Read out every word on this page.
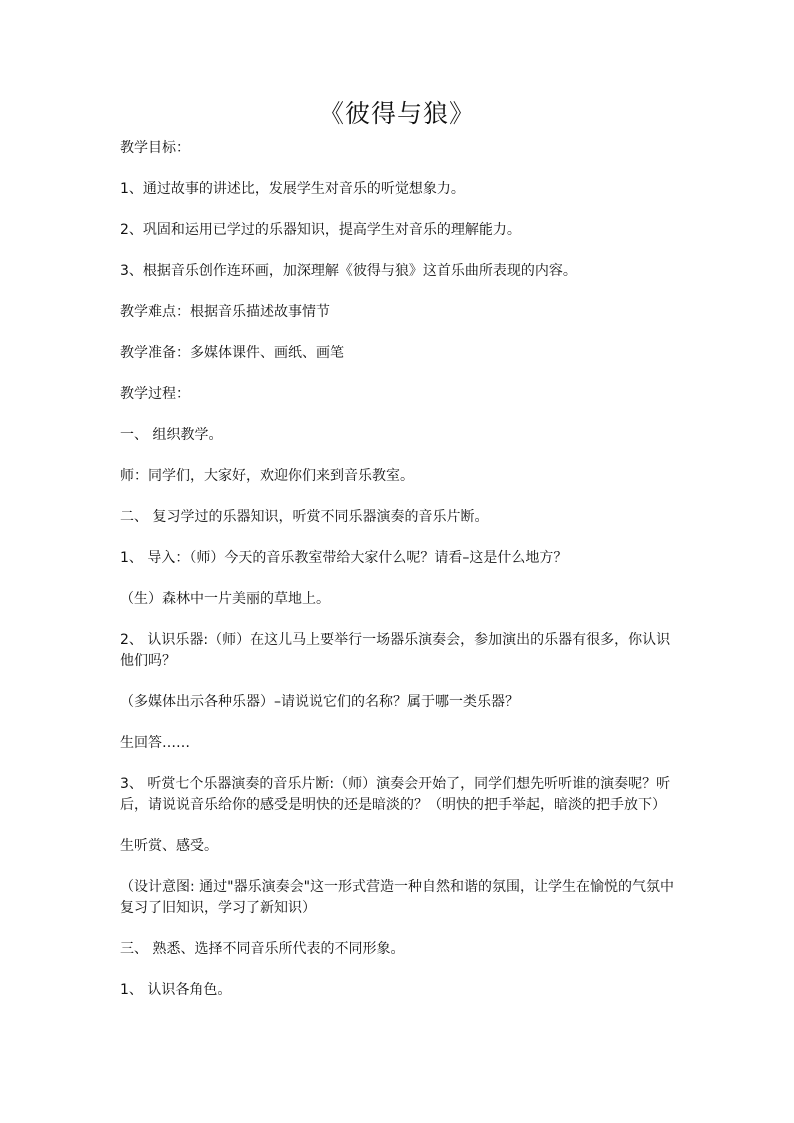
《彼得与狼》

教学目标：

1、通过故事的讲述比，发展学生对音乐的听觉想象力。

2、巩固和运用已学过的乐器知识，提高学生对音乐的理解能力。

3、根据音乐创作连环画，加深理解《彼得与狼》这首乐曲所表现的内容。

教学难点：根据音乐描述故事情节

教学准备：多媒体课件、画纸、画笔

教学过程：

一、 组织教学。

师：同学们，大家好，欢迎你们来到音乐教室。

二、 复习学过的乐器知识，听赏不同乐器演奏的音乐片断。

1、 导入：（师）今天的音乐教室带给大家什么呢？请看–这是什么地方？

（生）森林中一片美丽的草地上。

2、 认识乐器:（师）在这儿马上要举行一场器乐演奏会，参加演出的乐器有很多，你认识他们吗？

（多媒体出示各种乐器）–请说说它们的名称？属于哪一类乐器？

生回答……

3、 听赏七个乐器演奏的音乐片断:（师）演奏会开始了，同学们想先听听谁的演奏呢？听后，请说说音乐给你的感受是明快的还是暗淡的？（明快的把手举起，暗淡的把手放下）

生听赏、感受。

（设计意图: 通过"器乐演奏会"这一形式营造一种自然和谐的氛围，让学生在愉悦的气氛中复习了旧知识，学习了新知识）

三、 熟悉、选择不同音乐所代表的不同形象。

1、 认识各角色。
